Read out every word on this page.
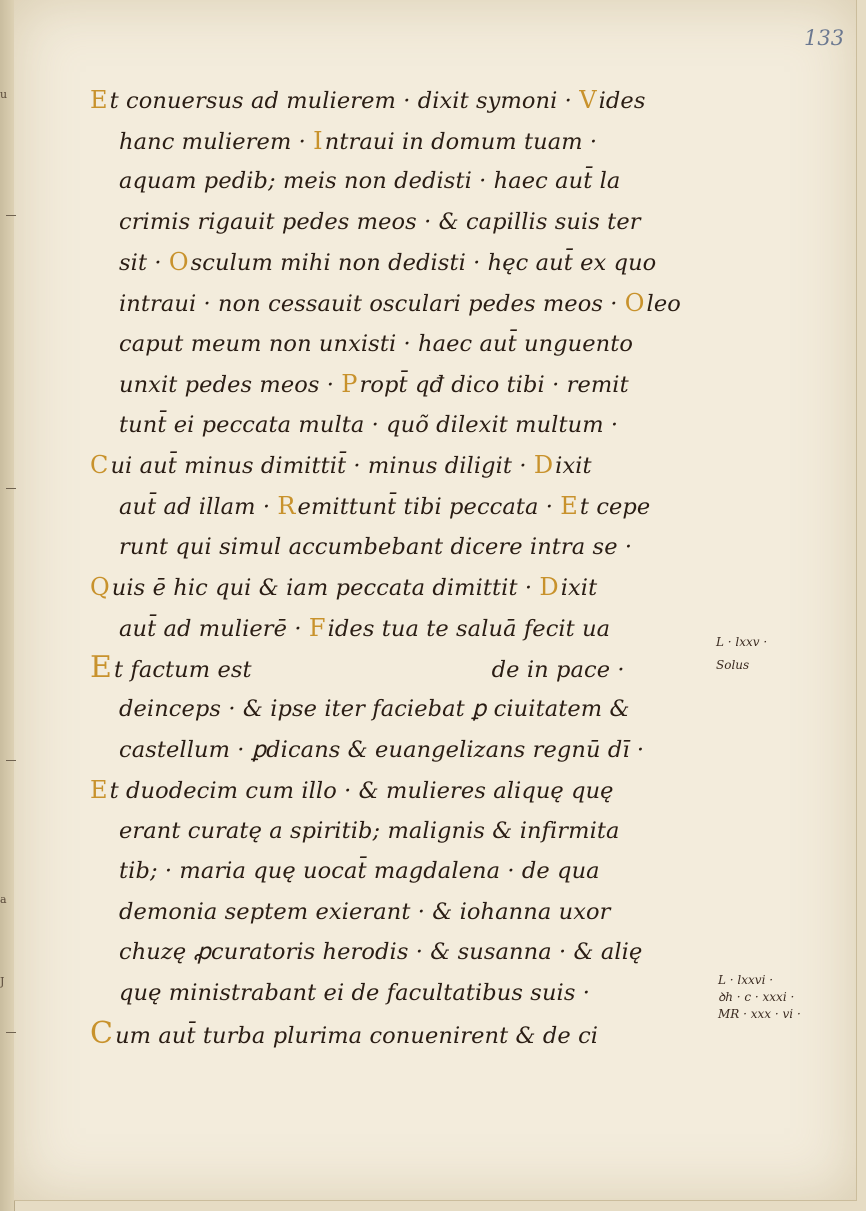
u
a
J
133
Et conuersus ad mulierem · dixit symoni · Vides
hanc mulierem · Intraui in domum tuam ·
aquam pedib; meis non dedisti · haec aut̄ la
crimis rigauit pedes meos · & capillis suis ter
sit · Osculum mihi non dedisti · hęc aut̄ ex quo
intraui · non cessauit osculari pedes meos · Oleo
caput meum non unxisti · haec aut̄ unguento
unxit pedes meos · Propt̄ qđ dico tibi · remit
tunt̄ ei peccata multa · quõ dilexit multum ·
Cui aut̄ minus dimittit̄ · minus diligit · Dixit
aut̄ ad illam · Remittunt̄ tibi peccata · Et cepe
runt qui simul accumbebant dicere intra se ·
Quis ē hic qui & iam peccata dimittit · Dixit
aut̄ ad mulierē · Fides tua te saluā fecit ua
Et factum est	de in pace ·
deinceps · & ipse iter faciebat ꝑ ciuitatem &
castellum · ꝑdicans & euangelizans regnū dī ·
Et duodecim cum illo · & mulieres aliquę quę
erant curatę a spiritib; malignis & infirmita
tib; · maria quę uocat̄ magdalena · de qua
demonia septem exierant · & iohanna uxor
chuzę ꝓcuratoris herodis · & susanna · & alię
quę ministrabant ei de facultatibus suis ·
Cum aut̄ turba plurima conuenirent & de ci
L · lxxv ·
Solus
L · lxxvi ·
ꝺh · c · xxxi ·
MR · xxx · vi ·
